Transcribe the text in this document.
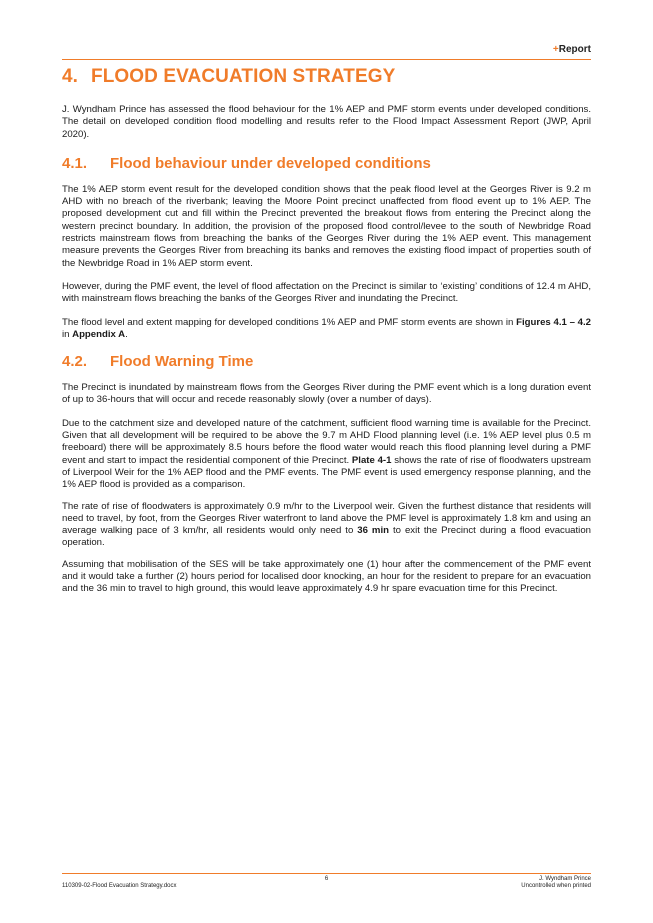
+Report
4. FLOOD EVACUATION STRATEGY

J. Wyndham Prince has assessed the flood behaviour for the 1% AEP and PMF storm events under developed conditions. The detail on developed condition flood modelling and results refer to the Flood Impact Assessment Report (JWP, April 2020).

4.1. Flood behaviour under developed conditions

The 1% AEP storm event result for the developed condition shows that the peak flood level at the Georges River is 9.2 m AHD with no breach of the riverbank; leaving the Moore Point precinct unaffected from flood event up to 1% AEP. The proposed development cut and fill within the Precinct prevented the breakout flows from entering the Precinct along the western precinct boundary. In addition, the provision of the proposed flood control/levee to the south of Newbridge Road restricts mainstream flows from breaching the banks of the Georges River during the 1% AEP event. This management measure prevents the Georges River from breaching its banks and removes the existing flood impact of properties south of the Newbridge Road in 1% AEP storm event.

However, during the PMF event, the level of flood affectation on the Precinct is similar to ‘existing’ conditions of 12.4 m AHD, with mainstream flows breaching the banks of the Georges River and inundating the Precinct.

The flood level and extent mapping for developed conditions 1% AEP and PMF storm events are shown in Figures 4.1 – 4.2 in Appendix A.

4.2. Flood Warning Time

The Precinct is inundated by mainstream flows from the Georges River during the PMF event which is a long duration event of up to 36-hours that will occur and recede reasonably slowly (over a number of days).

Due to the catchment size and developed nature of the catchment, sufficient flood warning time is available for the Precinct. Given that all development will be required to be above the 9.7 m AHD Flood planning level (i.e. 1% AEP level plus 0.5 m freeboard) there will be approximately 8.5 hours before the flood water would reach this flood planning level during a PMF event and start to impact the residential component of thie Precinct. Plate 4-1 shows the rate of rise of floodwaters upstream of Liverpool Weir for the 1% AEP flood and the PMF events. The PMF event is used emergency response planning, and the 1% AEP flood is provided as a comparison.

The rate of rise of floodwaters is approximately 0.9 m/hr to the Liverpool weir. Given the furthest distance that residents will need to travel, by foot, from the Georges River waterfront to land above the PMF level is approximately 1.8 km and using an average walking pace of 3 km/hr, all residents would only need to 36 min to exit the Precinct during a flood evacuation operation.

Assuming that mobilisation of the SES will be take approximately one (1) hour after the commencement of the PMF event and it would take a further (2) hours period for localised door knocking, an hour for the resident to prepare for an evacuation and the 36 min to travel to high ground, this would leave approximately 4.9 hr spare evacuation time for this Precinct.

6
110309-02-Flood Evacuation Strategy.docx
J. Wyndham Prince
Uncontrolled when printed
